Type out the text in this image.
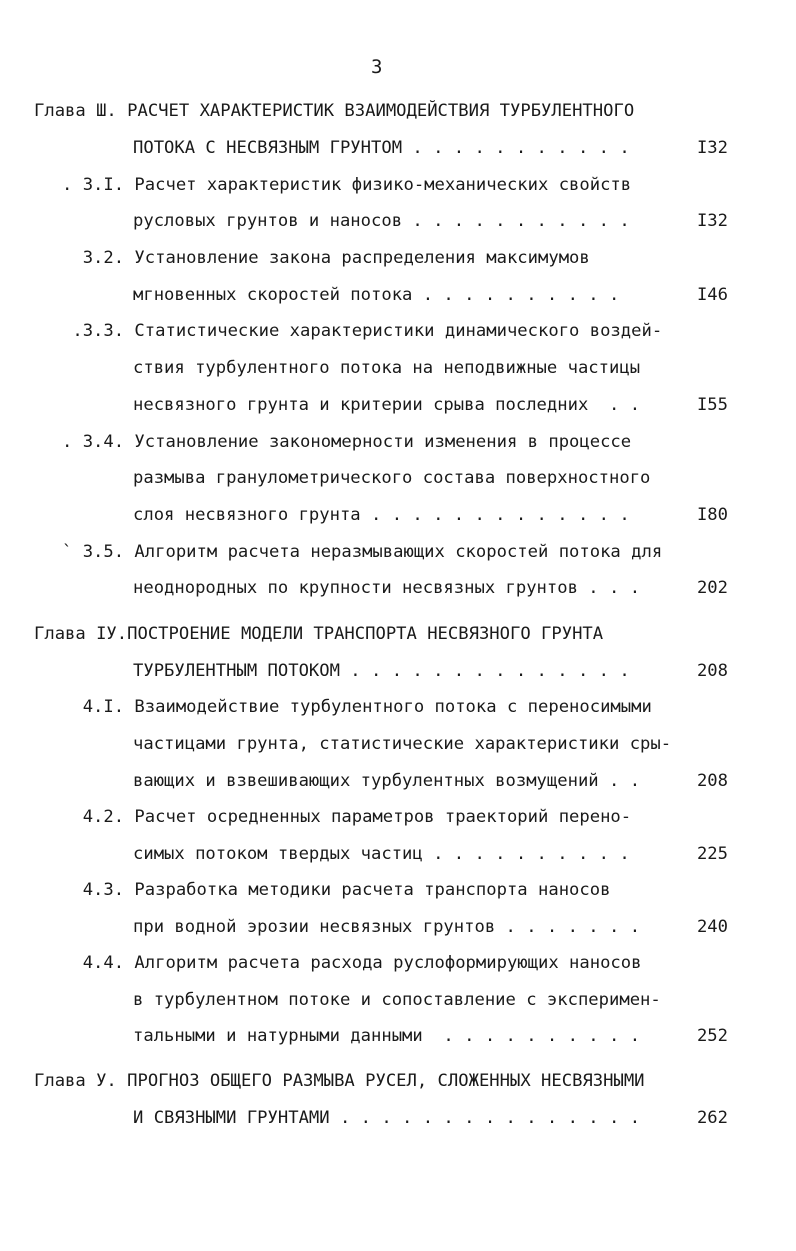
3
Глава Ш. РАСЧЕТ ХАРАКТЕРИСТИК ВЗАИМОДЕЙСТВИЯ ТУРБУЛЕНТНОГО
ПОТОКА С НЕСВЯЗНЫМ ГРУНТОМ . . . . . . . . . . .	I32
. 3.I. Расчет характеристик физико-механических свойств
русловых грунтов и наносов . . . . . . . . . . .	I32
3.2. Установление закона распределения максимумов
мгновенных скоростей потока . . . . . . . . . .	I46
.3.3. Статистические характеристики динамического воздей-
ствия турбулентного потока на неподвижные частицы
несвязного грунта и критерии срыва последних  . .	I55
. 3.4. Установление закономерности изменения в процессе
размыва гранулометрического состава поверхностного
слоя несвязного грунта . . . . . . . . . . . . .	I80
` 3.5. Алгоритм расчета неразмывающих скоростей потока для
неоднородных по крупности несвязных грунтов . . .	202
Глава IУ.ПОСТРОЕНИЕ МОДЕЛИ ТРАНСПОРТА НЕСВЯЗНОГО ГРУНТА
ТУРБУЛЕНТНЫМ ПОТОКОМ . . . . . . . . . . . . . .	208
4.I. Взаимодействие турбулентного потока с переносимыми
частицами грунта, статистические характеристики сры-
вающих и взвешивающих турбулентных возмущений . .	208
4.2. Расчет осредненных параметров траекторий перено-
симых потоком твердых частиц . . . . . . . . . .	225
4.3. Разработка методики расчета транспорта наносов
при водной эрозии несвязных грунтов . . . . . . .	240
4.4. Алгоритм расчета расхода руслоформирующих наносов
в турбулентном потоке и сопоставление с эксперимен-
тальными и натурными данными  . . . . . . . . . .	252
Глава У. ПРОГНОЗ ОБЩЕГО РАЗМЫВА РУСЕЛ, СЛОЖЕННЫХ НЕСВЯЗНЫМИ
И СВЯЗНЫМИ ГРУНТАМИ . . . . . . . . . . . . . . .	262
